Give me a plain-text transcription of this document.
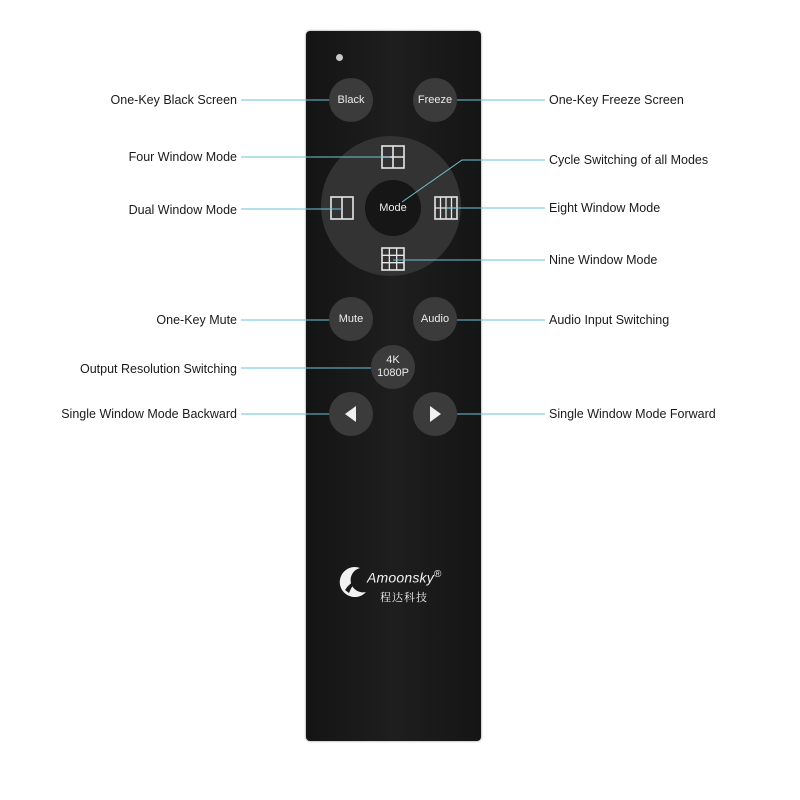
Black	Freeze
Mode
Mute	Audio
4K
1080P
Amoonsky®
程达科技
One-Key Black Screen
Four Window Mode
Dual Window Mode
One-Key Mute
Output Resolution Switching
Single Window Mode Backward
One-Key Freeze Screen
Cycle Switching of all Modes
Eight Window Mode
Nine Window Mode
Audio Input Switching
Single Window Mode Forward
